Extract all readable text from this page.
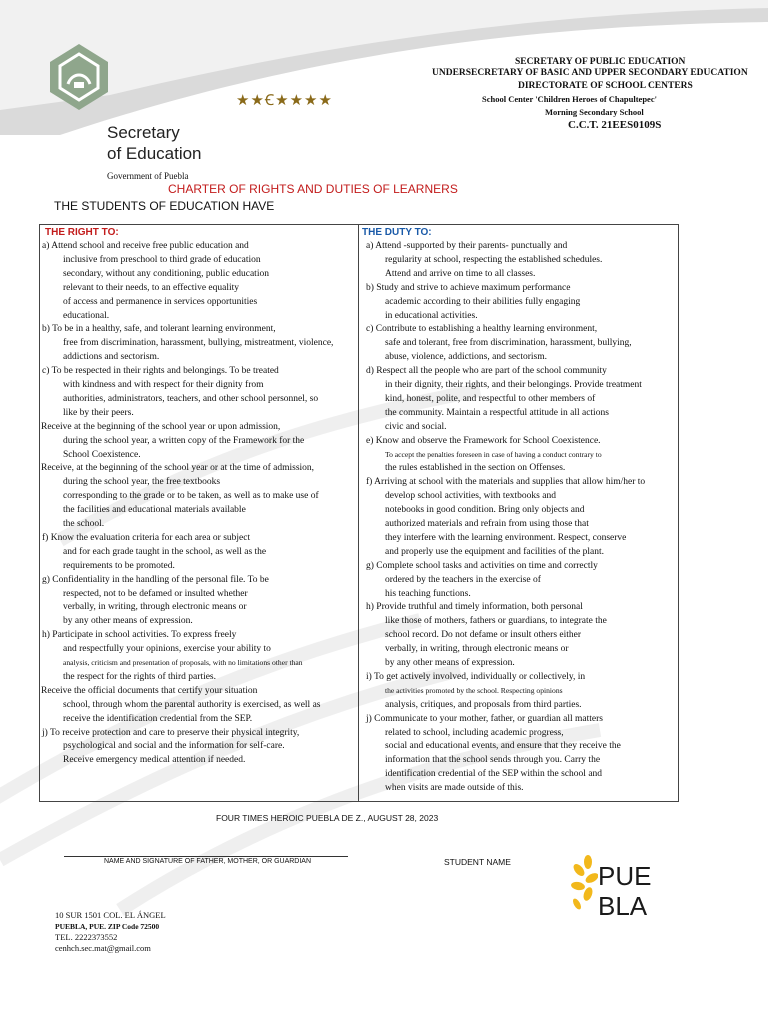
★★Ꞓ★★★★
Secretary
of Education
Government of Puebla
SECRETARY OF PUBLIC EDUCATION
UNDERSECRETARY OF BASIC AND UPPER SECONDARY EDUCATION
DIRECTORATE OF SCHOOL CENTERS
School Center 'Children Heroes of Chapultepec'
Morning Secondary School
C.C.T. 21EES0109S
CHARTER OF RIGHTS AND DUTIES OF LEARNERS
THE STUDENTS OF EDUCATION HAVE
THE RIGHT TO:	THE DUTY TO:
a) Attend school and receive free public education and
inclusive from preschool to third grade of education
secondary, without any conditioning, public education
relevant to their needs, to an effective equality
of access and permanence in services opportunities
educational.
b) To be in a healthy, safe, and tolerant learning environment,
free from discrimination, harassment, bullying, mistreatment, violence,
addictions and sectorism.
c) To be respected in their rights and belongings. To be treated
with kindness and with respect for their dignity from
authorities, administrators, teachers, and other school personnel, so
like by their peers.
Receive at the beginning of the school year or upon admission,
during the school year, a written copy of the Framework for the
School Coexistence.
Receive, at the beginning of the school year or at the time of admission,
during the school year, the free textbooks
corresponding to the grade or to be taken, as well as to make use of
the facilities and educational materials available
the school.
f) Know the evaluation criteria for each area or subject
and for each grade taught in the school, as well as the
requirements to be promoted.
g) Confidentiality in the handling of the personal file. To be
respected, not to be defamed or insulted whether
verbally, in writing, through electronic means or
by any other means of expression.
h) Participate in school activities. To express freely
and respectfully your opinions, exercise your ability to
analysis, criticism and presentation of proposals, with no limitations other than
the respect for the rights of third parties.
Receive the official documents that certify your situation
school, through whom the parental authority is exercised, as well as
receive the identification credential from the SEP.
j) To receive protection and care to preserve their physical integrity,
psychological and social and the information for self-care.
Receive emergency medical attention if needed.
a) Attend -supported by their parents- punctually and
regularity at school, respecting the established schedules.
Attend and arrive on time to all classes.
b) Study and strive to achieve maximum performance
academic according to their abilities fully engaging
in educational activities.
c) Contribute to establishing a healthy learning environment,
safe and tolerant, free from discrimination, harassment, bullying,
abuse, violence, addictions, and sectorism.
d) Respect all the people who are part of the school community
in their dignity, their rights, and their belongings. Provide treatment
kind, honest, polite, and respectful to other members of
the community. Maintain a respectful attitude in all actions
civic and social.
e) Know and observe the Framework for School Coexistence.
To accept the penalties foreseen in case of having a conduct contrary to
the rules established in the section on Offenses.
f) Arriving at school with the materials and supplies that allow him/her to
develop school activities, with textbooks and
notebooks in good condition. Bring only objects and
authorized materials and refrain from using those that
they interfere with the learning environment. Respect, conserve
and properly use the equipment and facilities of the plant.
g) Complete school tasks and activities on time and correctly
ordered by the teachers in the exercise of
his teaching functions.
h) Provide truthful and timely information, both personal
like those of mothers, fathers or guardians, to integrate the
school record. Do not defame or insult others either
verbally, in writing, through electronic means or
by any other means of expression.
i) To get actively involved, individually or collectively, in
the activities promoted by the school. Respecting opinions
analysis, critiques, and proposals from third parties.
j) Communicate to your mother, father, or guardian all matters
related to school, including academic progress,
social and educational events, and ensure that they receive the
information that the school sends through you. Carry the
identification credential of the SEP within the school and
when visits are made outside of this.
FOUR TIMES HEROIC PUEBLA DE Z., AUGUST 28, 2023
NAME AND SIGNATURE OF FATHER, MOTHER, OR GUARDIAN	STUDENT NAME	PUE
BLA
10 SUR 1501 COL. EL ÁNGEL
PUEBLA, PUE. ZIP Code 72500
TEL. 2222373552
cenhch.sec.mat@gmail.com
